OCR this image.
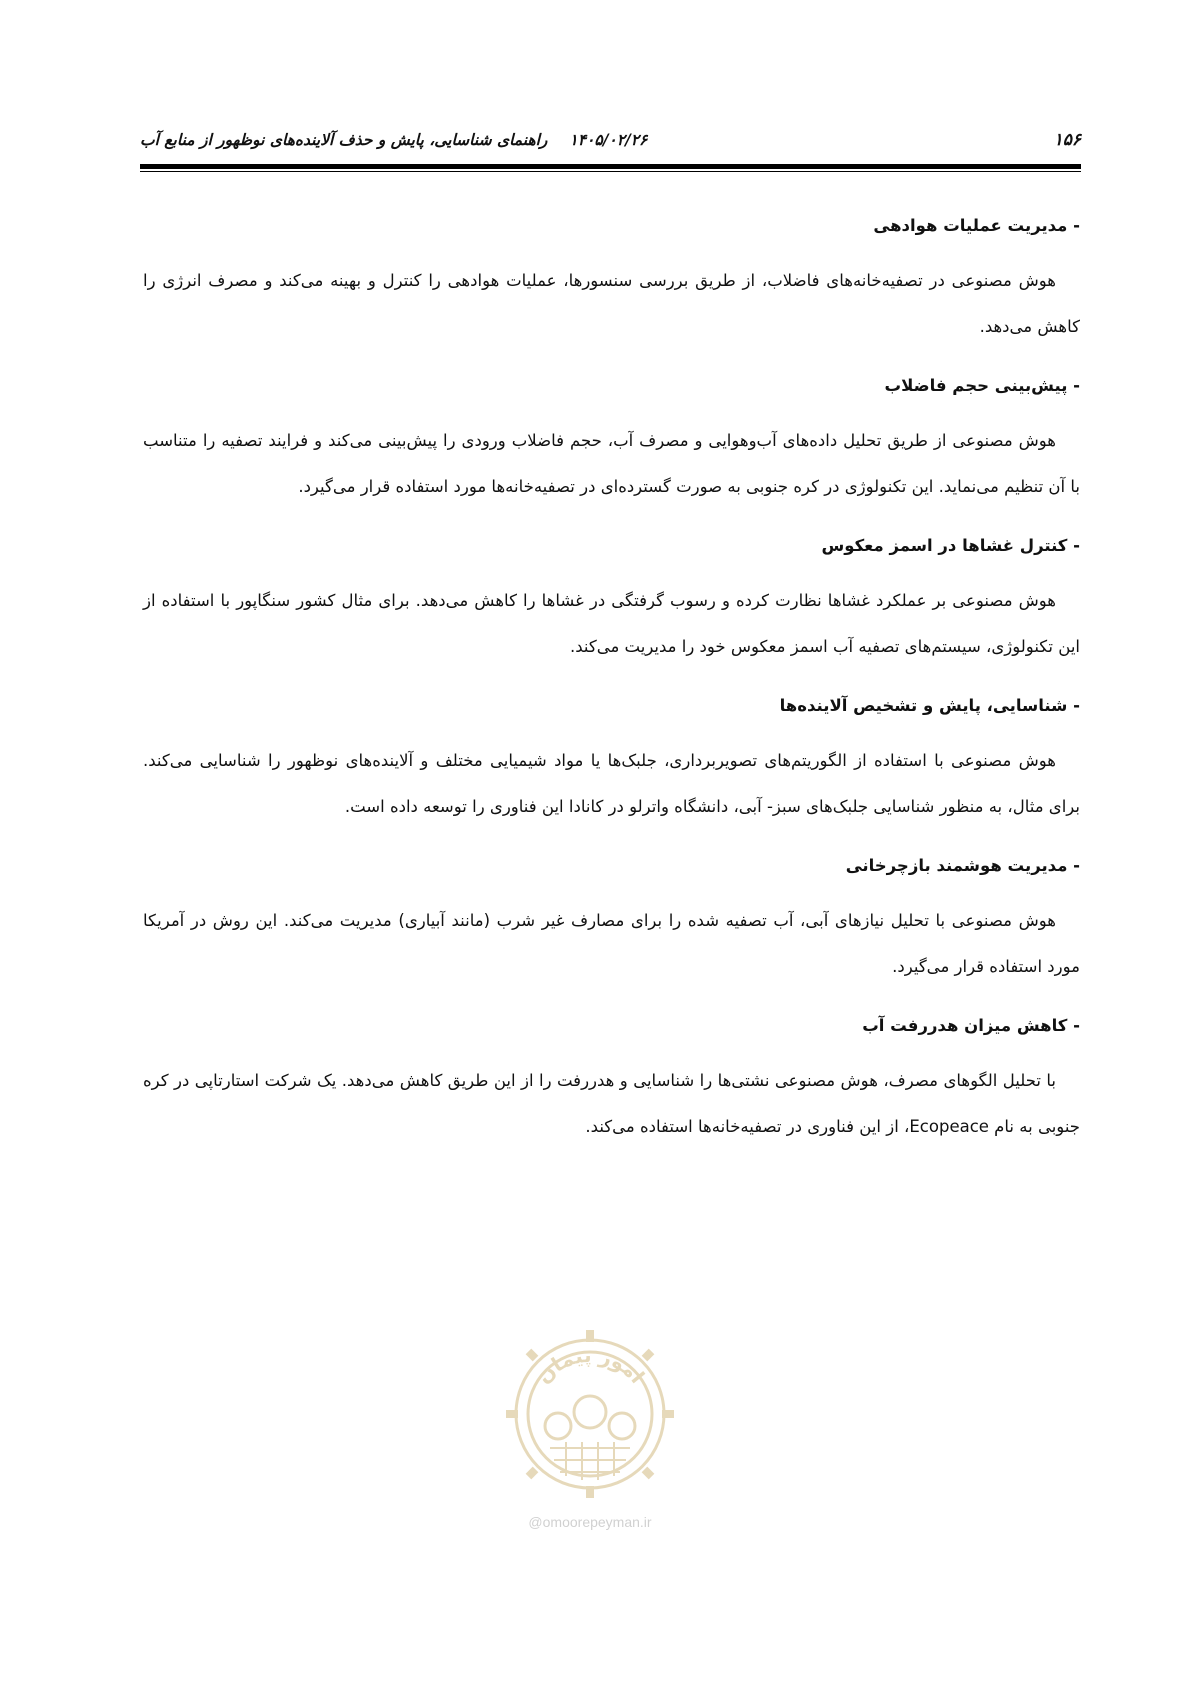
۱۵۶
۱۴۰۵/۰۲/۲۶راهنمای شناسایی، پایش و حذف آلاینده‌های نوظهور از منابع آب
- مدیریت عملیات هوادهی

هوش مصنوعی در تصفیه‌خانه‌های فاضلاب، از طریق بررسی سنسورها، عملیات هوادهی را کنترل و بهینه می‌کند و مصرف انرژی را کاهش می‌دهد.

- پیش‌بینی حجم فاضلاب

هوش مصنوعی از طریق تحلیل داده‌های آب‌وهوایی و مصرف آب، حجم فاضلاب ورودی را پیش‌بینی می‌کند و فرایند تصفیه را متناسب با آن تنظیم می‌نماید. این تکنولوژی در کره جنوبی به صورت گسترده‌ای در تصفیه‌خانه‌ها مورد استفاده قرار می‌گیرد.

- کنترل غشاها در اسمز معکوس

هوش مصنوعی بر عملکرد غشاها نظارت کرده و رسوب گرفتگی در غشاها را کاهش می‌دهد. برای مثال کشور سنگاپور با استفاده از این تکنولوژی، سیستم‌های تصفیه آب اسمز معکوس خود را مدیریت می‌کند.

- شناسایی، پایش و تشخیص آلاینده‌ها

هوش مصنوعی با استفاده از الگوریتم‌های تصویربرداری، جلبک‌ها یا مواد شیمیایی مختلف و آلاینده‌های نوظهور را شناسایی می‌کند. برای مثال، به منظور شناسایی جلبک‌های سبز- آبی، دانشگاه واترلو در کانادا این فناوری را توسعه داده است.

- مدیریت هوشمند بازچرخانی

هوش مصنوعی با تحلیل نیازهای آبی، آب تصفیه شده را برای مصارف غیر شرب (مانند آبیاری) مدیریت می‌کند. این روش در آمریکا مورد استفاده قرار می‌گیرد.

- کاهش میزان هدررفت آب

با تحلیل الگوهای مصرف، هوش مصنوعی نشتی‌ها را شناسایی و هدررفت را از این طریق کاهش می‌دهد. یک شرکت استارتاپی در کره جنوبی به نام Ecopeace، از این فناوری در تصفیه‌خانه‌ها استفاده می‌کند.

امور پیمان
@omoorepeyman.ir
